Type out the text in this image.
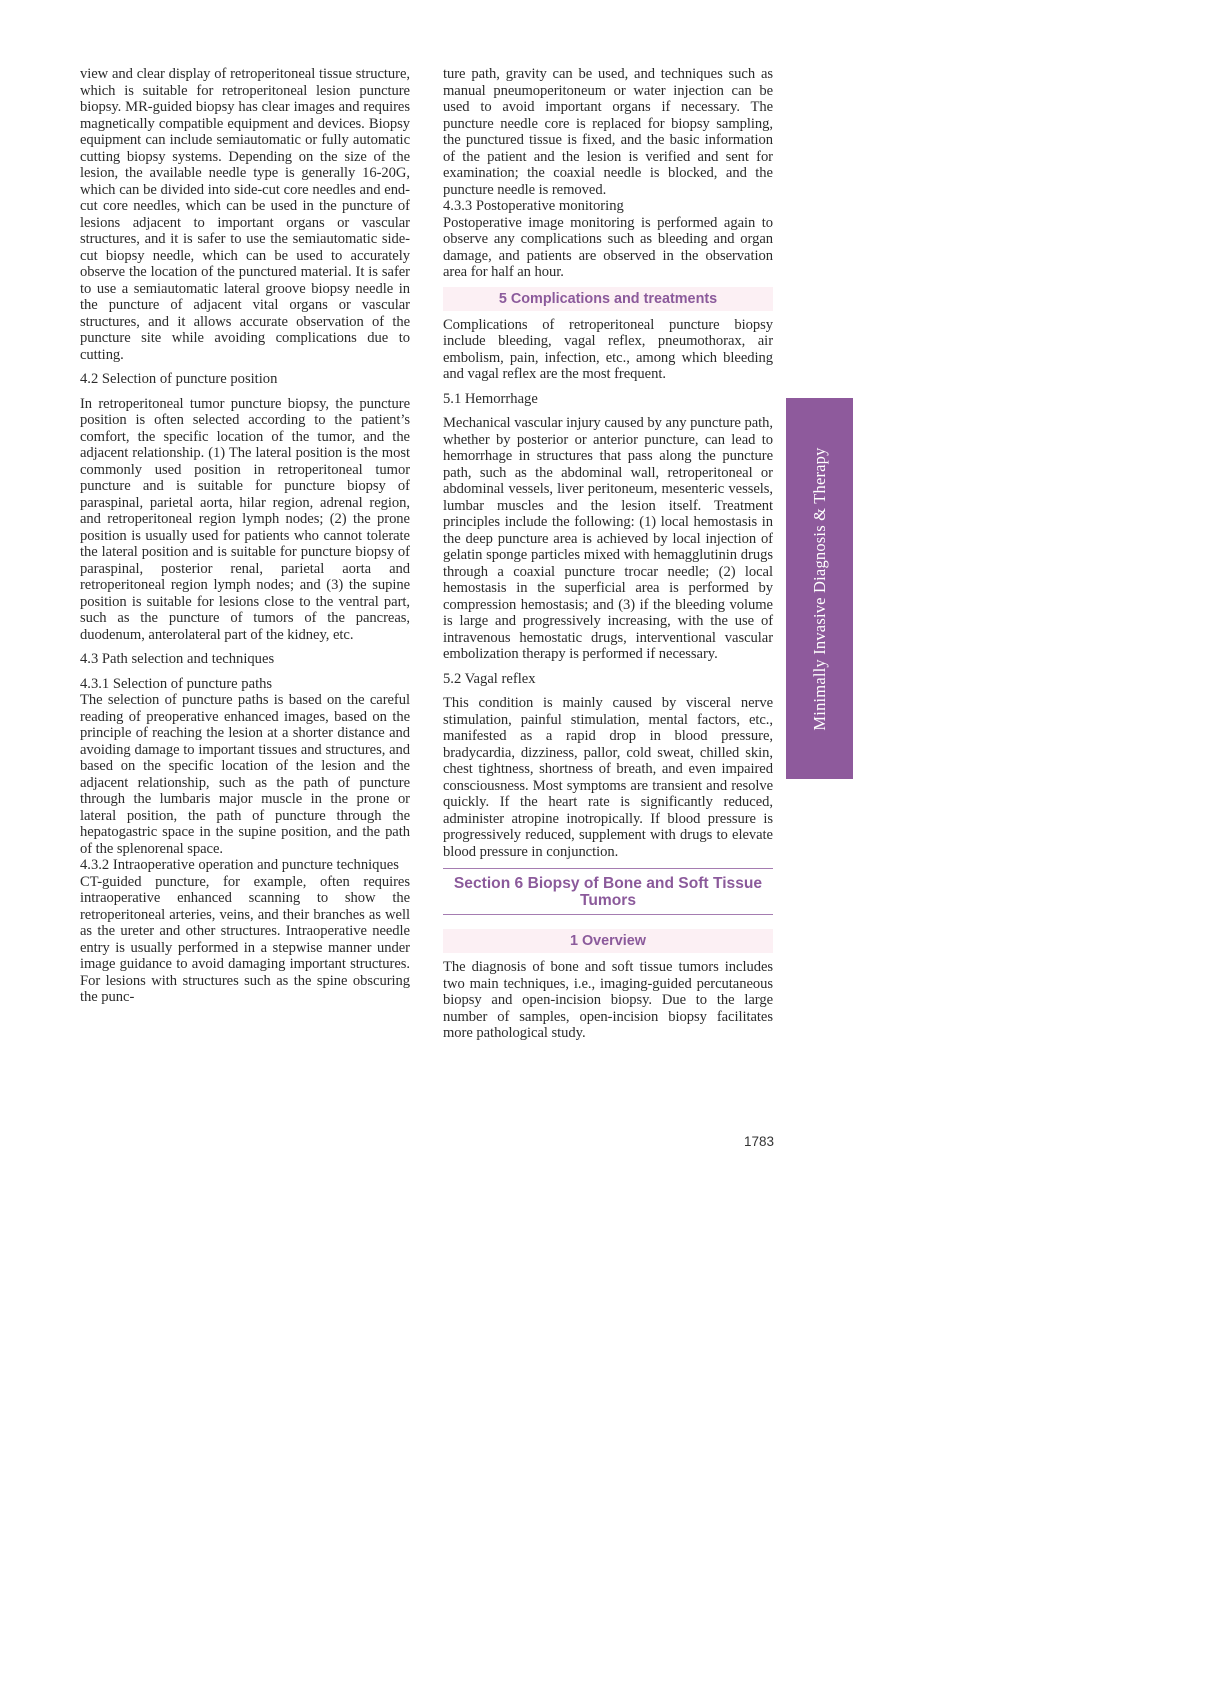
view and clear display of retroperitoneal tissue structure, which is suitable for retroperitoneal lesion puncture biopsy. MR-guided biopsy has clear images and requires magnetically compatible equipment and devices. Biopsy equipment can include semiautomatic or fully automatic cutting biopsy systems. Depending on the size of the lesion, the available needle type is generally 16-20G, which can be divided into side-cut core needles and end-cut core needles, which can be used in the puncture of lesions adjacent to important organs or vascular structures, and it is safer to use the semiautomatic side-cut biopsy needle, which can be used to accurately observe the location of the punctured material. It is safer to use a semiautomatic lateral groove biopsy needle in the puncture of adjacent vital organs or vascular structures, and it allows accurate observation of the puncture site while avoiding complications due to cutting.

4.2 Selection of puncture position

In retroperitoneal tumor puncture biopsy, the puncture position is often selected according to the patient’s comfort, the specific location of the tumor, and the adjacent relationship. (1) The lateral position is the most commonly used position in retroperitoneal tumor puncture and is suitable for puncture biopsy of paraspinal, parietal aorta, hilar region, adrenal region, and retroperitoneal region lymph nodes; (2) the prone position is usually used for patients who cannot tolerate the lateral position and is suitable for puncture biopsy of paraspinal, posterior renal, parietal aorta and retroperitoneal region lymph nodes; and (3) the supine position is suitable for lesions close to the ventral part, such as the puncture of tumors of the pancreas, duodenum, anterolateral part of the kidney, etc.

4.3 Path selection and techniques

4.3.1 Selection of puncture paths

The selection of puncture paths is based on the careful reading of preoperative enhanced images, based on the principle of reaching the lesion at a shorter distance and avoiding damage to important tissues and structures, and based on the specific location of the lesion and the adjacent relationship, such as the path of puncture through the lumbaris major muscle in the prone or lateral position, the path of puncture through the hepatogastric space in the supine position, and the path of the splenorenal space.

4.3.2 Intraoperative operation and puncture techniques

CT-guided puncture, for example, often requires intraoperative enhanced scanning to show the retroperitoneal arteries, veins, and their branches as well as the ureter and other structures. Intraoperative needle entry is usually performed in a stepwise manner under image guidance to avoid damaging important structures. For lesions with structures such as the spine obscuring the punc-

ture path, gravity can be used, and techniques such as manual pneumoperitoneum or water injection can be used to avoid important organs if necessary. The puncture needle core is replaced for biopsy sampling, the punctured tissue is fixed, and the basic information of the patient and the lesion is verified and sent for examination; the coaxial needle is blocked, and the puncture needle is removed.

4.3.3 Postoperative monitoring

Postoperative image monitoring is performed again to observe any complications such as bleeding and organ damage, and patients are observed in the observation area for half an hour.

5 Complications and treatments

Complications of retroperitoneal puncture biopsy include bleeding, vagal reflex, pneumothorax, air embolism, pain, infection, etc., among which bleeding and vagal reflex are the most frequent.

5.1 Hemorrhage

Mechanical vascular injury caused by any puncture path, whether by posterior or anterior puncture, can lead to hemorrhage in structures that pass along the puncture path, such as the abdominal wall, retroperitoneal or abdominal vessels, liver peritoneum, mesenteric vessels, lumbar muscles and the lesion itself. Treatment principles include the following: (1) local hemostasis in the deep puncture area is achieved by local injection of gelatin sponge particles mixed with hemagglutinin drugs through a coaxial puncture trocar needle; (2) local hemostasis in the superficial area is performed by compression hemostasis; and (3) if the bleeding volume is large and progressively increasing, with the use of intravenous hemostatic drugs, interventional vascular embolization therapy is performed if necessary.

5.2 Vagal reflex

This condition is mainly caused by visceral nerve stimulation, painful stimulation, mental factors, etc., manifested as a rapid drop in blood pressure, bradycardia, dizziness, pallor, cold sweat, chilled skin, chest tightness, shortness of breath, and even impaired consciousness. Most symptoms are transient and resolve quickly. If the heart rate is significantly reduced, administer atropine inotropically. If blood pressure is progressively reduced, supplement with drugs to elevate blood pressure in conjunction.

Section 6 Biopsy of Bone and Soft Tissue Tumors
1 Overview

The diagnosis of bone and soft tissue tumors includes two main techniques, i.e., imaging-guided percutaneous biopsy and open-incision biopsy. Due to the large number of samples, open-incision biopsy facilitates more pathological study.

Minimally Invasive Diagnosis & Therapy
1783
